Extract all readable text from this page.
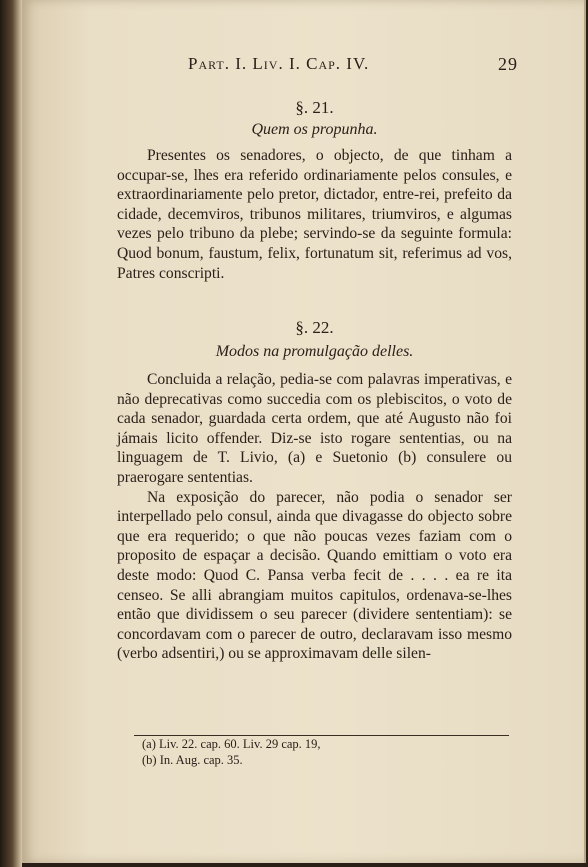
Part. I. Liv. I. Cap. IV.	29
§. 21.
Quem os propunha.

Presentes os senadores, o objecto, de que tinham a occupar-se, lhes era referido ordinariamente pelos consules, e extraordinariamente pelo pretor, dictador, entre-rei, prefeito da cidade, decemviros, tribunos militares, triumviros, e algumas vezes pelo tribuno da plebe; servindo-se da seguinte formula: Quod bonum, faustum, felix, fortunatum sit, referimus ad vos, Patres conscripti.

§. 22.
Modos na promulgação delles.

Concluida a relação, pedia-se com palavras imperativas, e não deprecativas como succedia com os plebiscitos, o voto de cada senador, guardada certa ordem, que até Augusto não foi jámais licito offender. Diz-se isto rogare sententias, ou na linguagem de T. Livio, (a) e Suetonio (b) consulere ou praerogare sententias.

Na exposição do parecer, não podia o senador ser interpellado pelo consul, ainda que divagasse do objecto sobre que era requerido; o que não poucas vezes faziam com o proposito de espaçar a decisão. Quando emittiam o voto era deste modo: Quod C. Pansa verba fecit de . . . . ea re ita censeo. Se alli abrangiam muitos capitulos, ordenava-se-lhes então que dividissem o seu parecer (dividere sententiam): se concordavam com o parecer de outro, declaravam isso mesmo (verbo adsentiri,) ou se approximavam delle silen-

(a) Liv. 22. cap. 60. Liv. 29 cap. 19,
(b) In. Aug. cap. 35.
